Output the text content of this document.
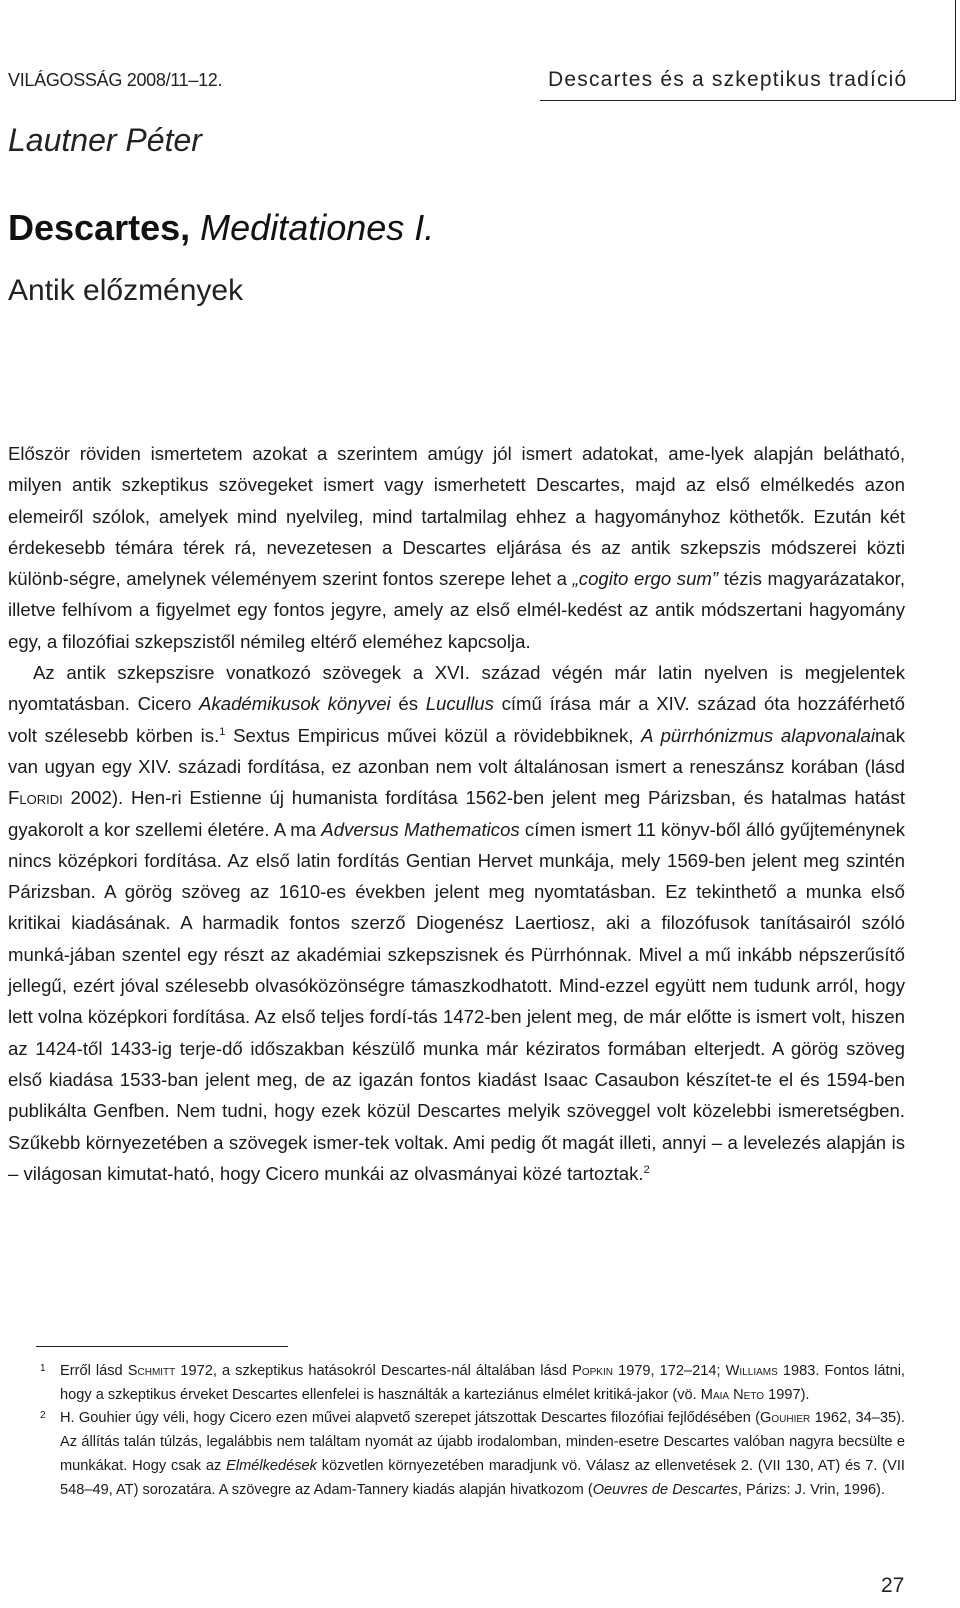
VILÁGOSSÁG 2008/11–12.	Descartes és a szkeptikus tradíció
Lautner Péter
Descartes, Meditationes I.
Antik előzmények

Először röviden ismertetem azokat a szerintem amúgy jól ismert adatokat, ame-lyek alapján belátható, milyen antik szkeptikus szövegeket ismert vagy ismerhetett Descartes, majd az első elmélkedés azon elemeiről szólok, amelyek mind nyelvileg, mind tartalmilag ehhez a hagyományhoz köthetők. Ezután két érdekesebb témára térek rá, nevezetesen a Descartes eljárása és az antik szkepszis módszerei közti különb-ségre, amelynek véleményem szerint fontos szerepe lehet a „cogito ergo sum” tézis magyarázatakor, illetve felhívom a figyelmet egy fontos jegyre, amely az első elmél-kedést az antik módszertani hagyomány egy, a filozófiai szkepszistől némileg eltérő eleméhez kapcsolja.

Az antik szkepszisre vonatkozó szövegek a XVI. század végén már latin nyelven is megjelentek nyomtatásban. Cicero Akadémikusok könyvei és Lucullus című írása már a XIV. század óta hozzáférhető volt szélesebb körben is.$^1$ Sextus Empiricus művei közül a rövidebbiknek, A pürrhónizmus alapvonalainak van ugyan egy XIV. századi fordítása, ez azonban nem volt általánosan ismert a reneszánsz korában (lásd Floridi 2002). Hen-ri Estienne új humanista fordítása 1562-ben jelent meg Párizsban, és hatalmas hatást gyakorolt a kor szellemi életére. A ma Adversus Mathematicos címen ismert 11 könyv-ből álló gyűjteménynek nincs középkori fordítása. Az első latin fordítás Gentian Hervet munkája, mely 1569-ben jelent meg szintén Párizsban. A görög szöveg az 1610-es években jelent meg nyomtatásban. Ez tekinthető a munka első kritikai kiadásának. A harmadik fontos szerző Diogenész Laertiosz, aki a filozófusok tanításairól szóló munká-jában szentel egy részt az akadémiai szkepszisnek és Pürrhónnak. Mivel a mű inkább népszerűsítő jellegű, ezért jóval szélesebb olvasóközönségre támaszkodhatott. Mind-ezzel együtt nem tudunk arról, hogy lett volna középkori fordítása. Az első teljes fordí-tás 1472-ben jelent meg, de már előtte is ismert volt, hiszen az 1424-től 1433-ig terje-dő időszakban készülő munka már kéziratos formában elterjedt. A görög szöveg első kiadása 1533-ban jelent meg, de az igazán fontos kiadást Isaac Casaubon készítet-te el és 1594-ben publikálta Genfben. Nem tudni, hogy ezek közül Descartes melyik szöveggel volt közelebbi ismeretségben. Szűkebb környezetében a szövegek ismer-tek voltak. Ami pedig őt magát illeti, annyi – a levelezés alapján is – világosan kimutat-ható, hogy Cicero munkái az olvasmányai közé tartoztak.$^2$

1 Erről lásd Schmitt 1972, a szkeptikus hatásokról Descartes-nál általában lásd Popkin 1979, 172–214; Williams 1983. Fontos látni, hogy a szkeptikus érveket Descartes ellenfelei is használták a karteziánus elmélet kritiká-jakor (vö. Maia Neto 1997).

2 H. Gouhier úgy véli, hogy Cicero ezen művei alapvető szerepet játszottak Descartes filozófiai fejlődésében (Gouhier 1962, 34–35). Az állítás talán túlzás, legalábbis nem találtam nyomát az újabb irodalomban, minden-esetre Descartes valóban nagyra becsülte e munkákat. Hogy csak az Elmélkedések közvetlen környezetében maradjunk vö. Válasz az ellenvetések 2. (VII 130, AT) és 7. (VII 548–49, AT) sorozatára. A szövegre az Adam-Tannery kiadás alapján hivatkozom (Oeuvres de Descartes, Párizs: J. Vrin, 1996).

27
